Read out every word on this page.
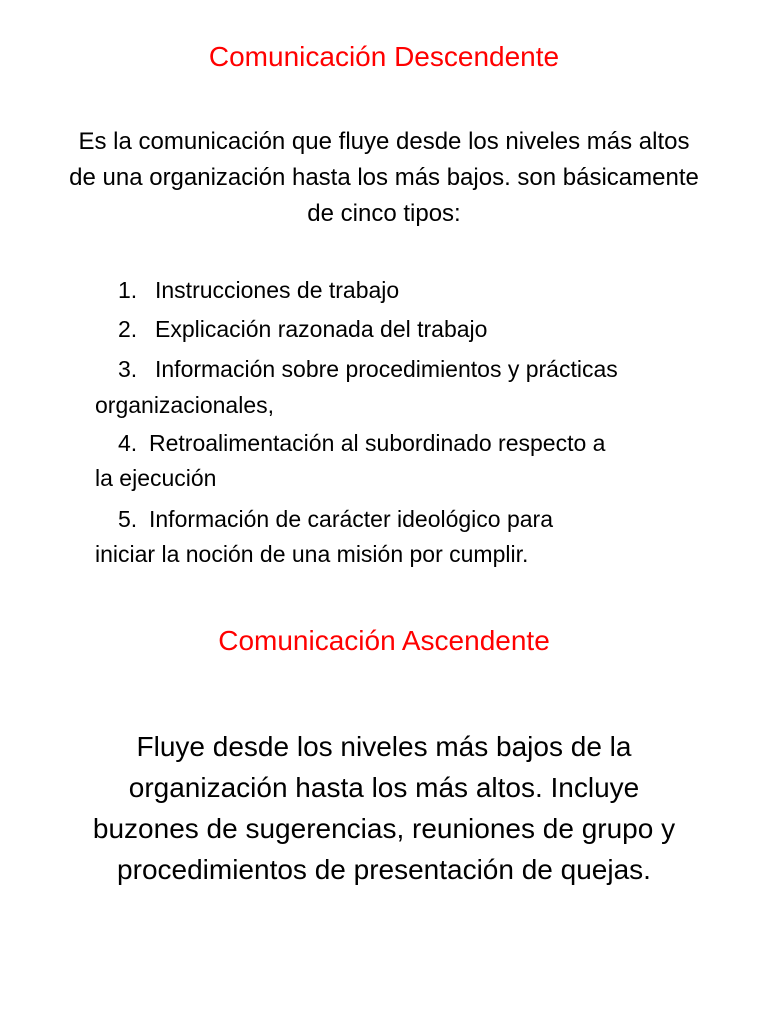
Comunicación Descendente
Es la comunicación que fluye desde los niveles más altos
de una organización hasta los más bajos. son básicamente
de cinco tipos:
1. Instrucciones de trabajo
2. Explicación razonada del trabajo
3. Información sobre procedimientos y prácticas
organizacionales,
4. Retroalimentación al subordinado respecto a
la ejecución
5. Información de carácter ideológico para
iniciar la noción de una misión por cumplir.
Comunicación Ascendente
Fluye desde los niveles más bajos de la
organización hasta los más altos. Incluye
buzones de sugerencias, reuniones de grupo y
procedimientos de presentación de quejas.
